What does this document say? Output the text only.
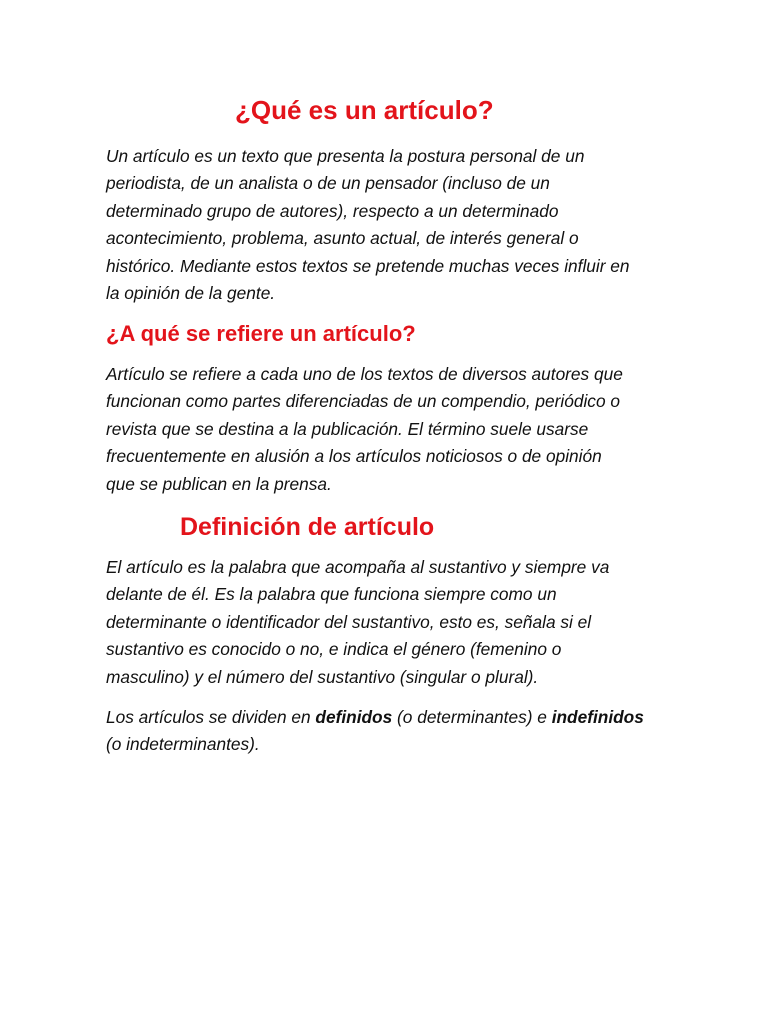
¿Qué es un artículo?

Un artículo es un texto que presenta la postura personal de un
periodista, de un analista o de un pensador (incluso de un
determinado grupo de autores), respecto a un determinado
acontecimiento, problema, asunto actual, de interés general o
histórico. Mediante estos textos se pretende muchas veces influir en
la opinión de la gente.

¿A qué se refiere un artículo?

Artículo se refiere a cada uno de los textos de diversos autores que
funcionan como partes diferenciadas de un compendio, periódico o
revista que se destina a la publicación. El término suele usarse
frecuentemente en alusión a los artículos noticiosos o de opinión
que se publican en la prensa.

Definición de artículo

El artículo es la palabra que acompaña al sustantivo y siempre va
delante de él. Es la palabra que funciona siempre como un
determinante o identificador del sustantivo, esto es, señala si el
sustantivo es conocido o no, e indica el género (femenino o
masculino) y el número del sustantivo (singular o plural).

Los artículos se dividen en definidos (o determinantes) e indefinidos
(o indeterminantes).
